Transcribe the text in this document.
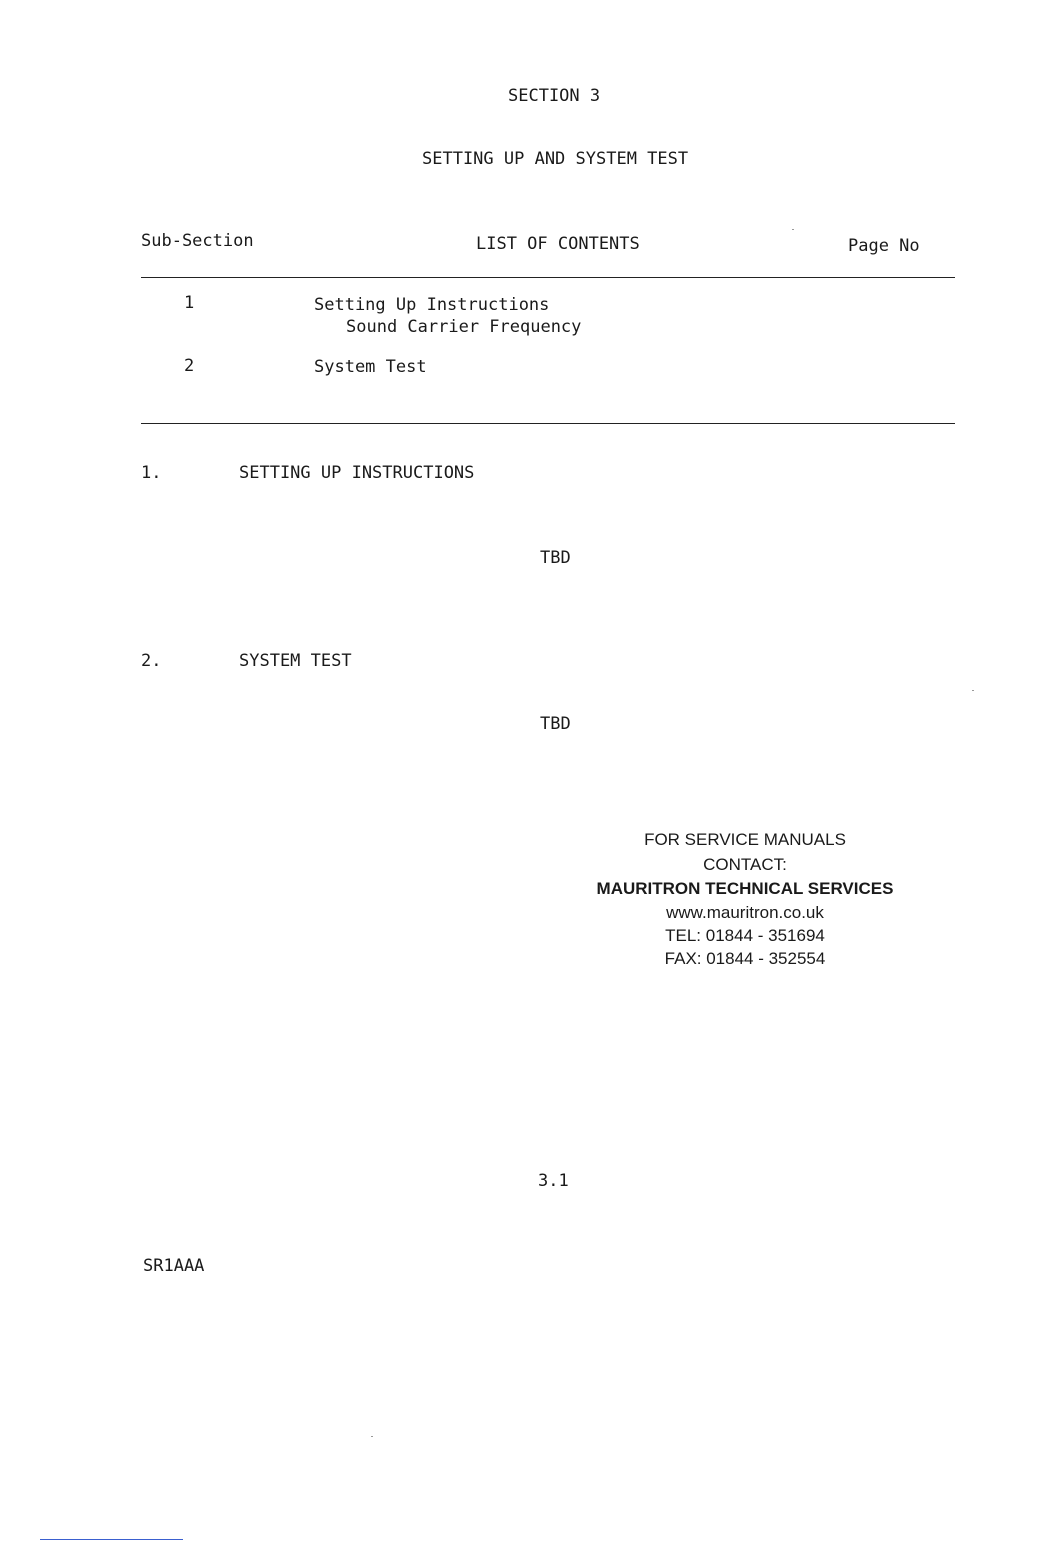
SECTION 3
SETTING UP AND SYSTEM TEST
Sub-Section	LIST OF CONTENTS	Page No
1	Setting Up Instructions
Sound Carrier Frequency
2	System Test
1.	SETTING UP INSTRUCTIONS
TBD
2.	SYSTEM TEST
TBD
FOR SERVICE MANUALS
CONTACT:
MAURITRON TECHNICAL SERVICES
www.mauritron.co.uk
TEL: 01844 - 351694
FAX: 01844 - 352554
3.1
SR1AAA
